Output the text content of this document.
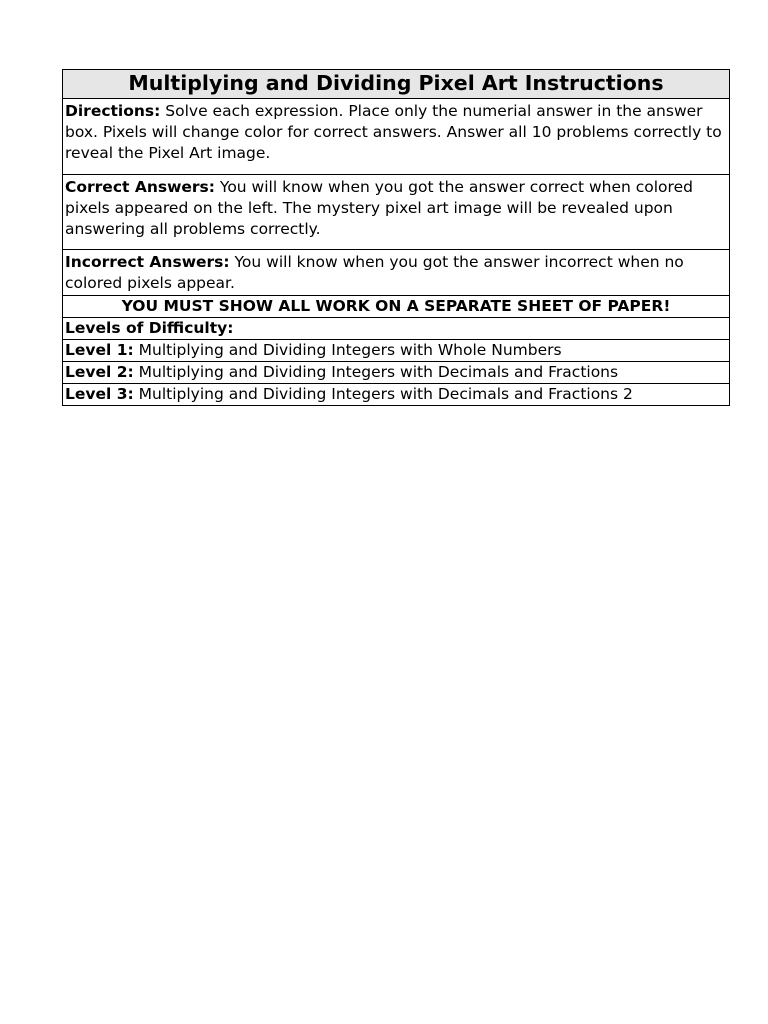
Multiplying and Dividing Pixel Art Instructions
Directions: Solve each expression. Place only the numerial answer in the answer box. Pixels will change color for correct answers. Answer all 10 problems correctly to reveal the Pixel Art image.
Correct Answers: You will know when you got the answer correct when colored pixels appeared on the left. The mystery pixel art image will be revealed upon answering all problems correctly.
Incorrect Answers: You will know when you got the answer incorrect when no colored pixels appear.
YOU MUST SHOW ALL WORK ON A SEPARATE SHEET OF PAPER!
Levels of Difficulty:
Level 1: Multiplying and Dividing Integers with Whole Numbers
Level 2: Multiplying and Dividing Integers with Decimals and Fractions
Level 3: Multiplying and Dividing Integers with Decimals and Fractions 2
